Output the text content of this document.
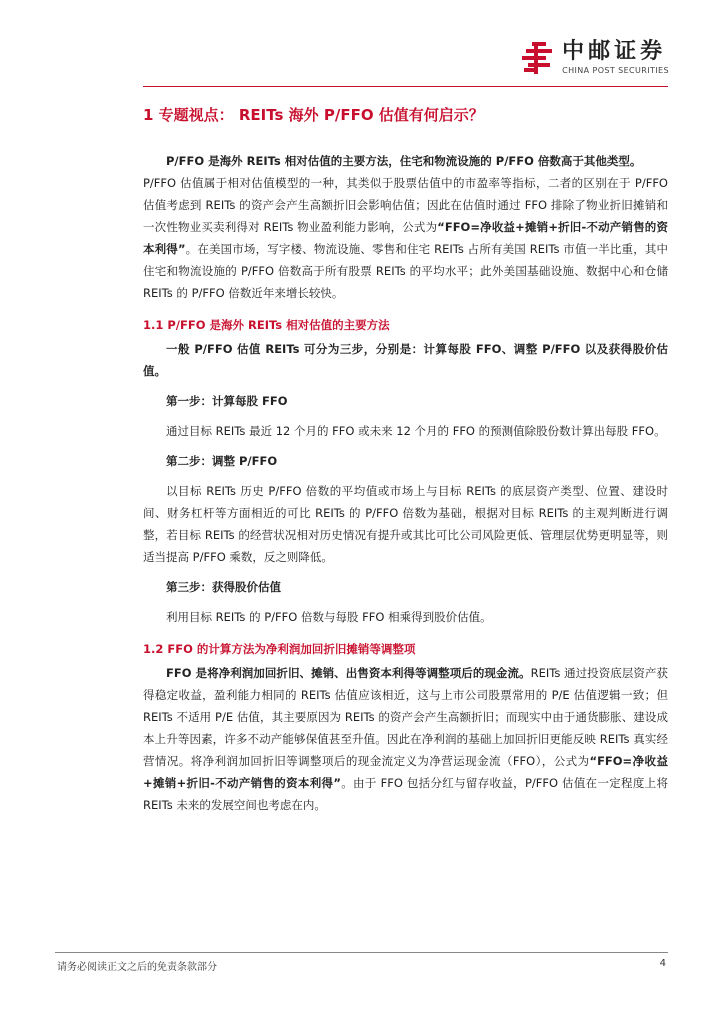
中邮证券
CHINA POST SECURITIES
1 专题视点： REITs 海外 P/FFO 估值有何启示？

P/FFO 是海外 REITs 相对估值的主要方法，住宅和物流设施的 P/FFO 倍数高于其他类型。

P/FFO 估值属于相对估值模型的一种，其类似于股票估值中的市盈率等指标，二者的区别在于 P/FFO 估值考虑到 REITs 的资产会产生高额折旧会影响估值；因此在估值时通过 FFO 排除了物业折旧摊销和一次性物业买卖利得对 REITs 物业盈利能力影响，公式为“FFO=净收益+摊销+折旧-不动产销售的资本利得”。在美国市场，写字楼、物流设施、零售和住宅 REITs 占所有美国 REITs 市值一半比重，其中住宅和物流设施的 P/FFO 倍数高于所有股票 REITs 的平均水平；此外美国基础设施、数据中心和仓储 REITs 的 P/FFO 倍数近年来增长较快。

1.1 P/FFO 是海外 REITs 相对估值的主要方法

一般 P/FFO 估值 REITs 可分为三步，分别是：计算每股 FFO、调整 P/FFO 以及获得股价估值。

第一步：计算每股 FFO

通过目标 REITs 最近 12 个月的 FFO 或未来 12 个月的 FFO 的预测值除股份数计算出每股 FFO。

第二步：调整 P/FFO

以目标 REITs 历史 P/FFO 倍数的平均值或市场上与目标 REITs 的底层资产类型、位置、建设时间、财务杠杆等方面相近的可比 REITs 的 P/FFO 倍数为基础，根据对目标 REITs 的主观判断进行调整，若目标 REITs 的经营状况相对历史情况有提升或其比可比公司风险更低、管理层优势更明显等，则适当提高 P/FFO 乘数，反之则降低。

第三步：获得股价估值

利用目标 REITs 的 P/FFO 倍数与每股 FFO 相乘得到股价估值。

1.2 FFO 的计算方法为净利润加回折旧摊销等调整项

FFO 是将净利润加回折旧、摊销、出售资本利得等调整项后的现金流。REITs 通过投资底层资产获得稳定收益，盈利能力相同的 REITs 估值应该相近，这与上市公司股票常用的 P/E 估值逻辑一致；但 REITs 不适用 P/E 估值，其主要原因为 REITs 的资产会产生高额折旧；而现实中由于通货膨胀、建设成本上升等因素，许多不动产能够保值甚至升值。因此在净利润的基础上加回折旧更能反映 REITs 真实经营情况。将净利润加回折旧等调整项后的现金流定义为净营运现金流（FFO），公式为“FFO=净收益+摊销+折旧-不动产销售的资本利得”。由于 FFO 包括分红与留存收益，P/FFO 估值在一定程度上将 REITs 未来的发展空间也考虑在内。

请务必阅读正文之后的免责条款部分	4
